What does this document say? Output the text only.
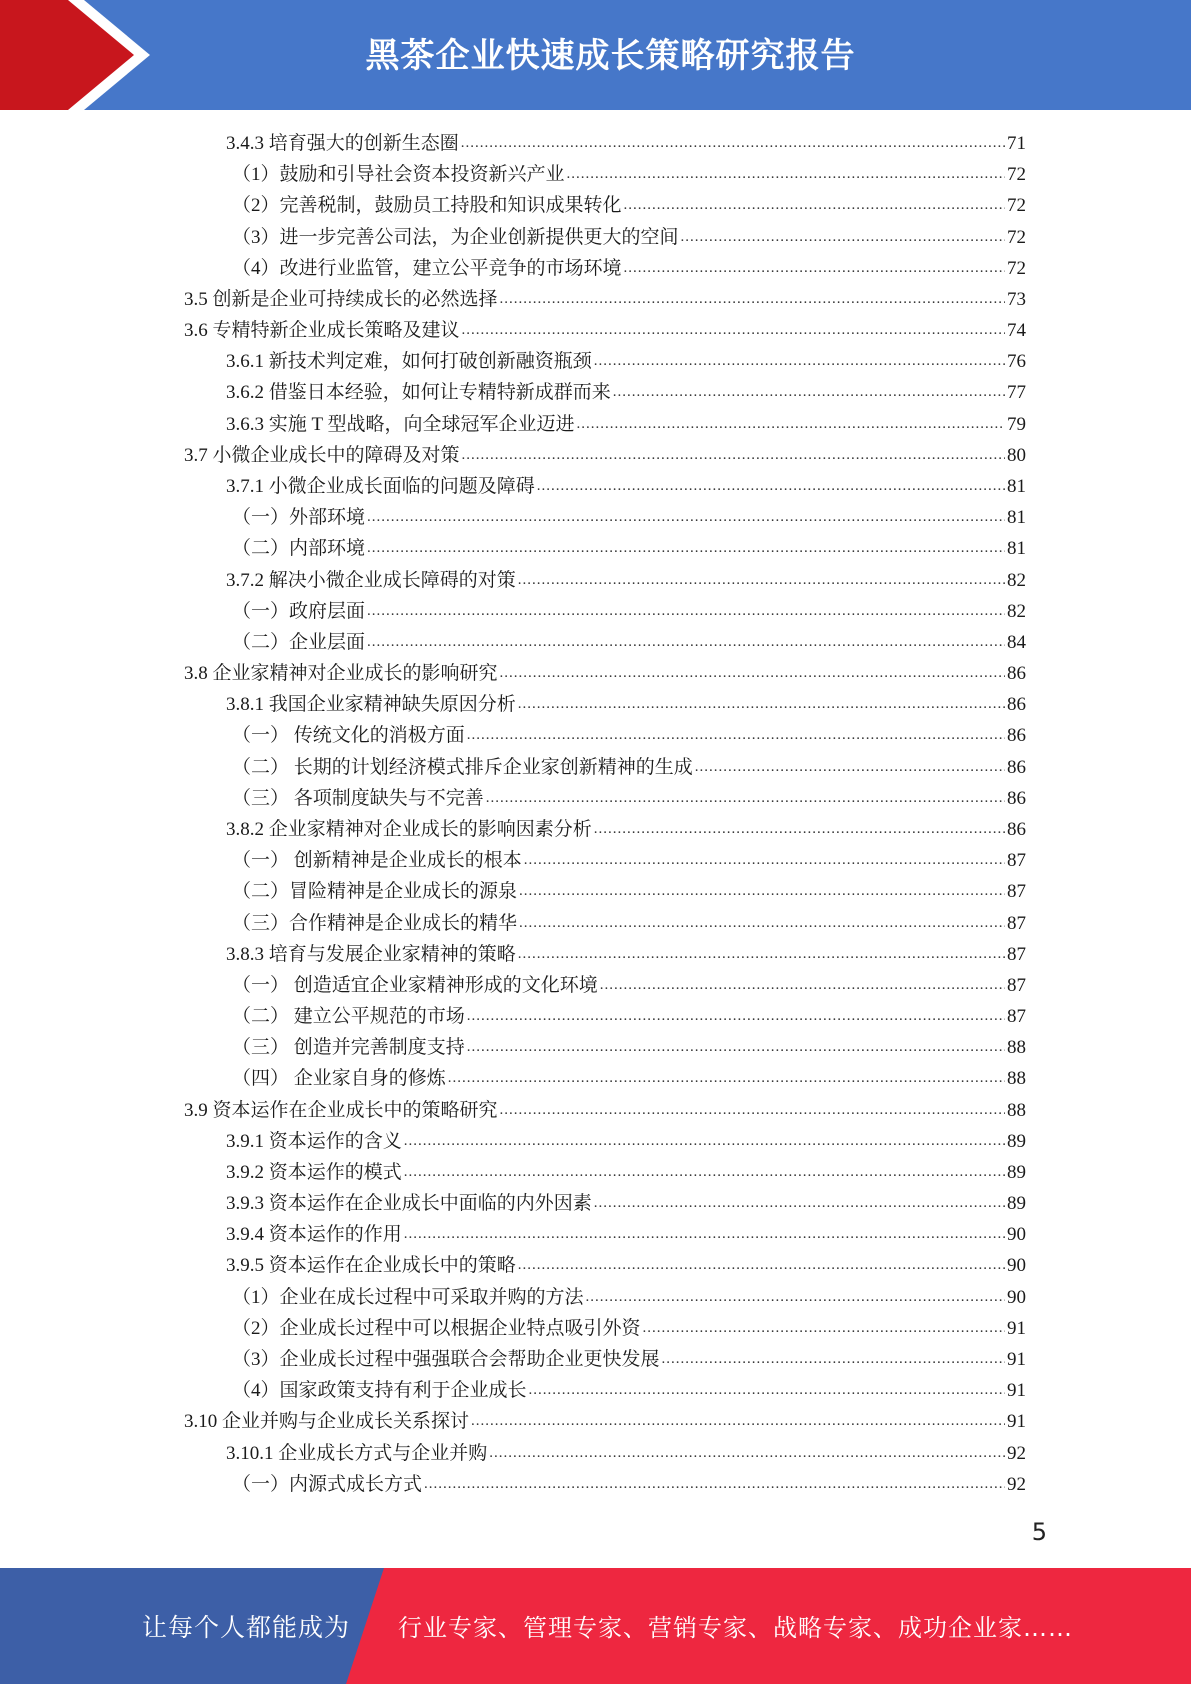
黑茶企业快速成长策略研究报告
3.4.3 培育强大的创新生态圈 .....	71
（1）鼓励和引导社会资本投资新兴产业 .....	72
（2）完善税制，鼓励员工持股和知识成果转化 .....	72
（3）进一步完善公司法，为企业创新提供更大的空间 .....	72
（4）改进行业监管，建立公平竞争的市场环境 .....	72
3.5 创新是企业可持续成长的必然选择 .....	73
3.6 专精特新企业成长策略及建议 .....	74
3.6.1 新技术判定难，如何打破创新融资瓶颈 .....	76
3.6.2 借鉴日本经验，如何让专精特新成群而来 .....	77
3.6.3 实施 T 型战略，向全球冠军企业迈进 .....	79
3.7 小微企业成长中的障碍及对策 .....	80
3.7.1 小微企业成长面临的问题及障碍 .....	81
（一）外部环境 .....	81
（二）内部环境 .....	81
3.7.2 解决小微企业成长障碍的对策 .....	82
（一）政府层面 .....	82
（二）企业层面 .....	84
3.8 企业家精神对企业成长的影响研究 .....	86
3.8.1 我国企业家精神缺失原因分析 .....	86
（一） 传统文化的消极方面 .....	86
（二） 长期的计划经济模式排斥企业家创新精神的生成 .....	86
（三） 各项制度缺失与不完善 .....	86
3.8.2 企业家精神对企业成长的影响因素分析 .....	86
（一） 创新精神是企业成长的根本 .....	87
（二）冒险精神是企业成长的源泉 .....	87
（三）合作精神是企业成长的精华 .....	87
3.8.3 培育与发展企业家精神的策略 .....	87
（一） 创造适宜企业家精神形成的文化环境 .....	87
（二） 建立公平规范的市场 .....	87
（三） 创造并完善制度支持 .....	88
（四） 企业家自身的修炼 .....	88
3.9 资本运作在企业成长中的策略研究 .....	88
3.9.1 资本运作的含义 .....	89
3.9.2 资本运作的模式 .....	89
3.9.3 资本运作在企业成长中面临的内外因素 .....	89
3.9.4 资本运作的作用 .....	90
3.9.5 资本运作在企业成长中的策略 .....	90
（1）企业在成长过程中可采取并购的方法 .....	90
（2）企业成长过程中可以根据企业特点吸引外资 .....	91
（3）企业成长过程中强强联合会帮助企业更快发展 .....	91
（4）国家政策支持有利于企业成长 .....	91
3.10 企业并购与企业成长关系探讨 .....	91
3.10.1 企业成长方式与企业并购 .....	92
（一）内源式成长方式 .....	92
5
让每个人都能成为 行业专家、管理专家、营销专家、战略专家、成功企业家……
